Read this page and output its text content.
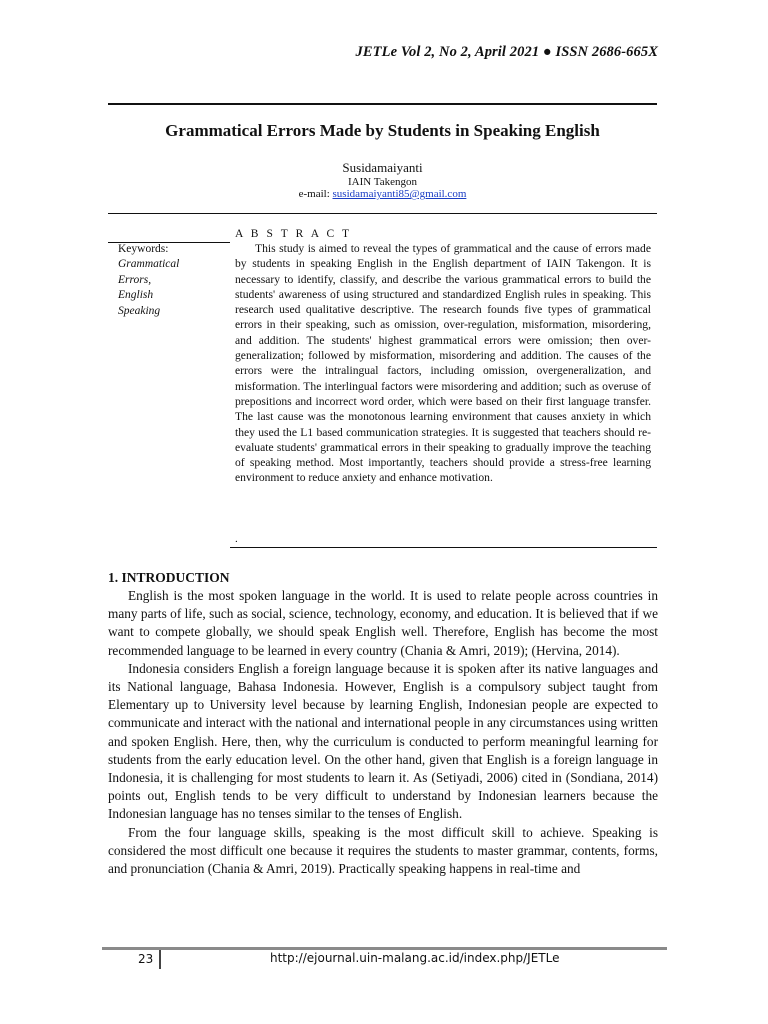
JETLe Vol 2, No 2, April 2021 ● ISSN 2686-665X
Grammatical Errors Made by Students in Speaking English
Susidamaiyanti
IAIN Takengon
e-mail: susidamaiyanti85@gmail.com
A B S T R A C T
Keywords:
Grammatical
Errors,
English
Speaking
This study is aimed to reveal the types of grammatical and the cause of errors made by students in speaking English in the English department of IAIN Takengon. It is necessary to identify, classify, and describe the various grammatical errors to build the students' awareness of using structured and standardized English rules in speaking. This research used qualitative descriptive. The research founds five types of grammatical errors in their speaking, such as omission, over-regulation, misformation, misordering, and addition. The students' highest grammatical errors were omission; then over-generalization; followed by misformation, misordering and addition. The causes of the errors were the intralingual factors, including omission, overgeneralization, and misformation. The interlingual factors were misordering and addition; such as overuse of prepositions and incorrect word order, which were based on their first language transfer. The last cause was the monotonous learning environment that causes anxiety in which they used the L1 based communication strategies. It is suggested that teachers should re-evaluate students' grammatical errors in their speaking to gradually improve the teaching of speaking method. Most importantly, teachers should provide a stress-free learning environment to reduce anxiety and enhance motivation.
.
1. INTRODUCTION

English is the most spoken language in the world. It is used to relate people across countries in many parts of life, such as social, science, technology, economy, and education. It is believed that if we want to compete globally, we should speak English well. Therefore, English has become the most recommended language to be learned in every country (Chania & Amri, 2019); (Hervina, 2014).

Indonesia considers English a foreign language because it is spoken after its native languages and its National language, Bahasa Indonesia. However, English is a compulsory subject taught from Elementary up to University level because by learning English, Indonesian people are expected to communicate and interact with the national and international people in any circumstances using written and spoken English. Here, then, why the curriculum is conducted to perform meaningful learning for students from the early education level. On the other hand, given that English is a foreign language in Indonesia, it is challenging for most students to learn it. As (Setiyadi, 2006) cited in (Sondiana, 2014) points out, English tends to be very difficult to understand by Indonesian learners because the Indonesian language has no tenses similar to the tenses of English.

From the four language skills, speaking is the most difficult skill to achieve. Speaking is considered the most difficult one because it requires the students to master grammar, contents, forms, and pronunciation (Chania & Amri, 2019). Practically speaking happens in real-time and

23	http://ejournal.uin-malang.ac.id/index.php/JETLe
